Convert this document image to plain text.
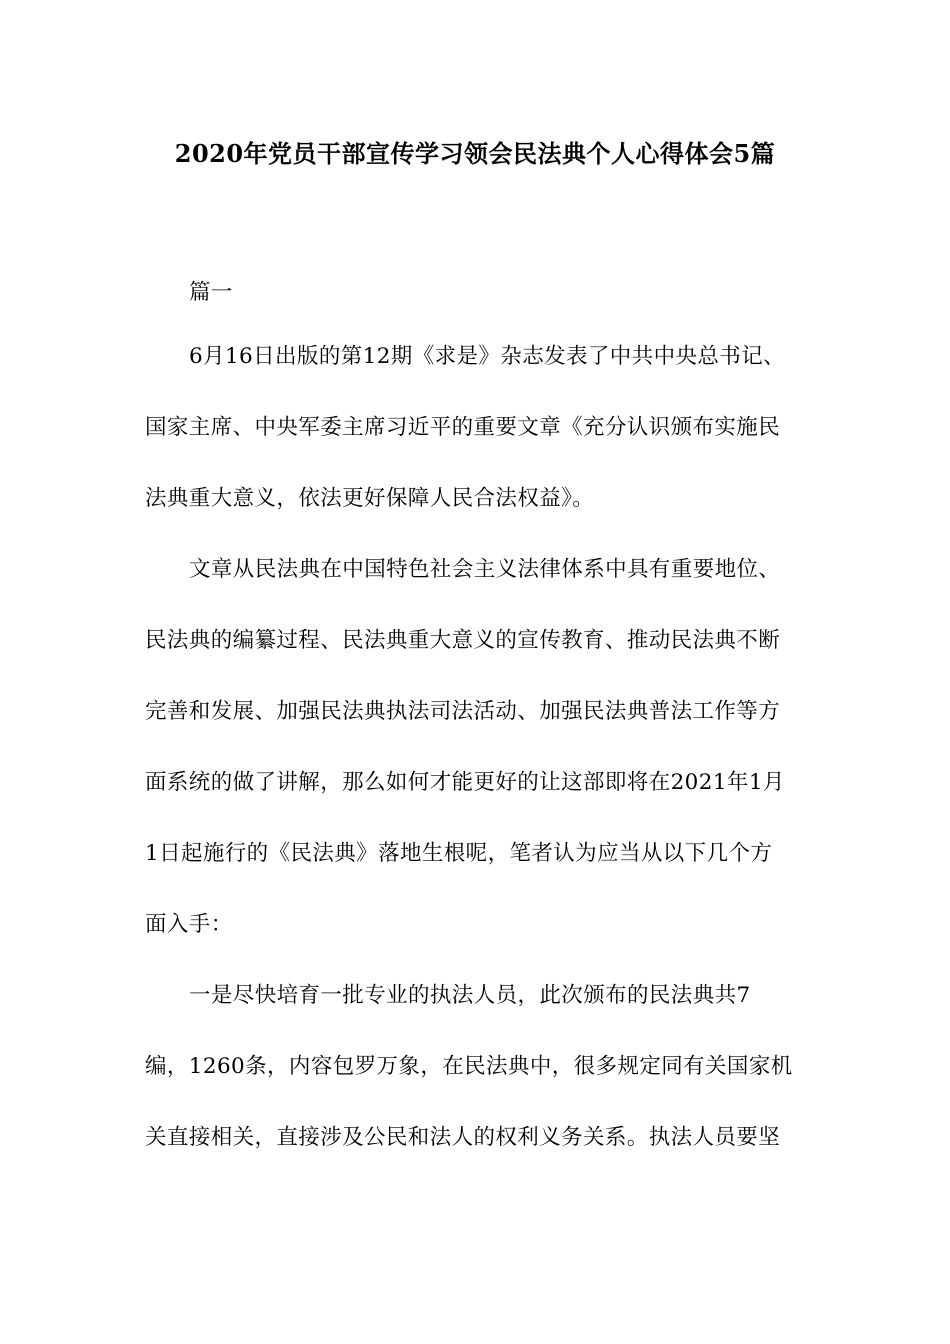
2020年党员干部宣传学习领会民法典个人心得体会5篇
篇一
6月16日出版的第12期《求是》杂志发表了中共中央总书记、
国家主席、中央军委主席习近平的重要文章《充分认识颁布实施民
法典重大意义，依法更好保障人民合法权益》。
文章从民法典在中国特色社会主义法律体系中具有重要地位、
民法典的编纂过程、民法典重大意义的宣传教育、推动民法典不断
完善和发展、加强民法典执法司法活动、加强民法典普法工作等方
面系统的做了讲解，那么如何才能更好的让这部即将在2021年1月
1日起施行的《民法典》落地生根呢，笔者认为应当从以下几个方
面入手：
一是尽快培育一批专业的执法人员，此次颁布的民法典共7
编，1260条，内容包罗万象，在民法典中，很多规定同有关国家机
关直接相关，直接涉及公民和法人的权利义务关系。执法人员要坚
